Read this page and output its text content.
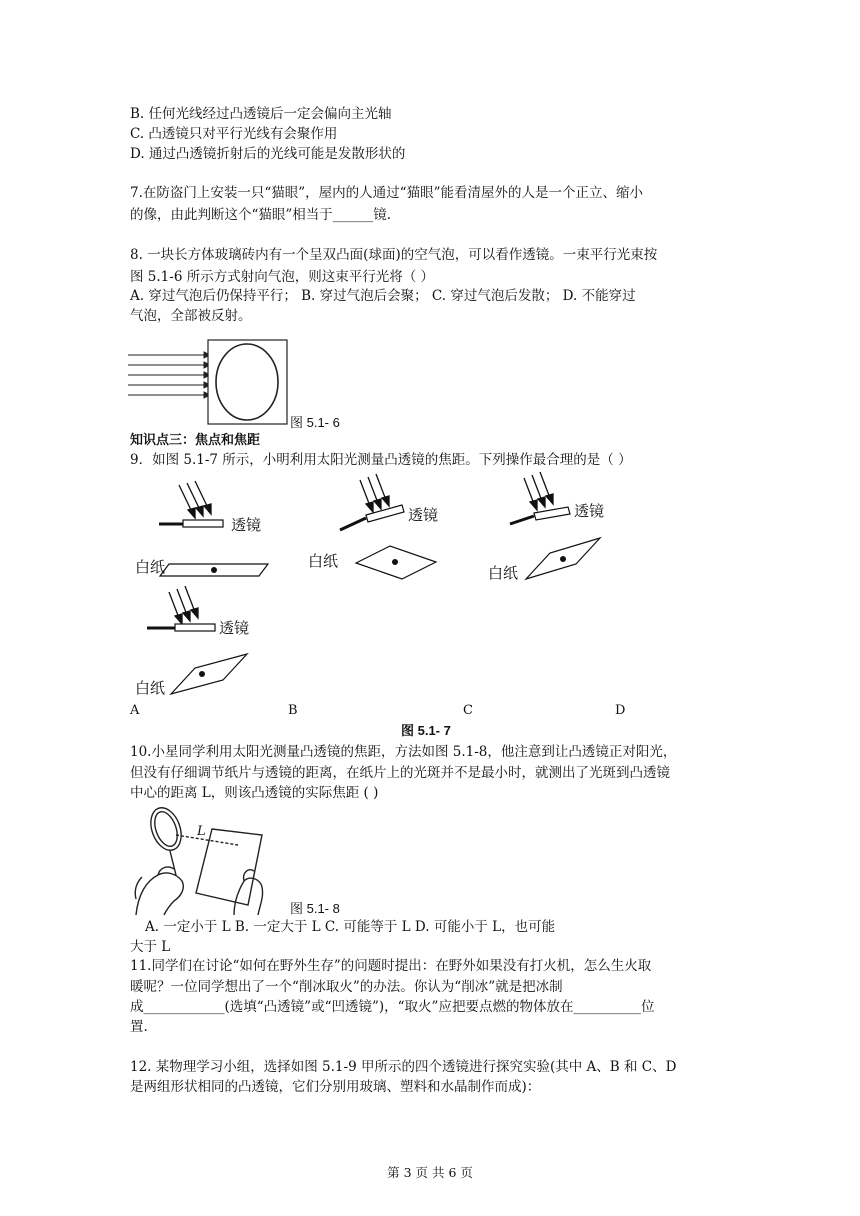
B. 任何光线经过凸透镜后一定会偏向主光轴
C. 凸透镜只对平行光线有会聚作用
D. 通过凸透镜折射后的光线可能是发散形状的
7.在防盗门上安装一只“猫眼”，屋内的人通过“猫眼”能看清屋外的人是一个正立、缩小
的像，由此判断这个“猫眼”相当于______镜.
8. 一块长方体玻璃砖内有一个呈双凸面(球面)的空气泡，可以看作透镜。一束平行光束按
图 5.1-6 所示方式射向气泡，则这束平行光将（ ）
A. 穿过气泡后仍保持平行； B. 穿过气泡后会聚； C. 穿过气泡后发散； D. 不能穿过
气泡，全部被反射。
图 5.1- 6
知识点三：焦点和焦距
9．如图 5.1-7 所示，小明利用太阳光测量凸透镜的焦距。下列操作最合理的是（ ）
透镜
白纸
透镜
白纸
透镜
白纸
透镜
白纸
A	B	C	D
图 5.1- 7
10.小星同学利用太阳光测量凸透镜的焦距，方法如图 5.1-8，他注意到让凸透镜正对阳光，
但没有仔细调节纸片与透镜的距离，在纸片上的光斑并不是最小时，就测出了光斑到凸透镜
中心的距离 L，则该凸透镜的实际焦距 ( )
L
图 5.1- 8
A. 一定小于 L B. 一定大于 L C. 可能等于 L D. 可能小于 L，也可能
大于 L
11.同学们在讨论“如何在野外生存”的问题时提出：在野外如果没有打火机，怎么生火取
暖呢？一位同学想出了一个“削冰取火”的办法。你认为“削冰”就是把冰制
成____________(选填“凸透镜”或“凹透镜”)，“取火”应把要点燃的物体放在__________位
置.
12. 某物理学习小组，选择如图 5.1-9 甲所示的四个透镜进行探究实验(其中 A、B 和 C、D
是两组形状相同的凸透镜，它们分别用玻璃、塑料和水晶制作而成)：
第 3 页 共 6 页
